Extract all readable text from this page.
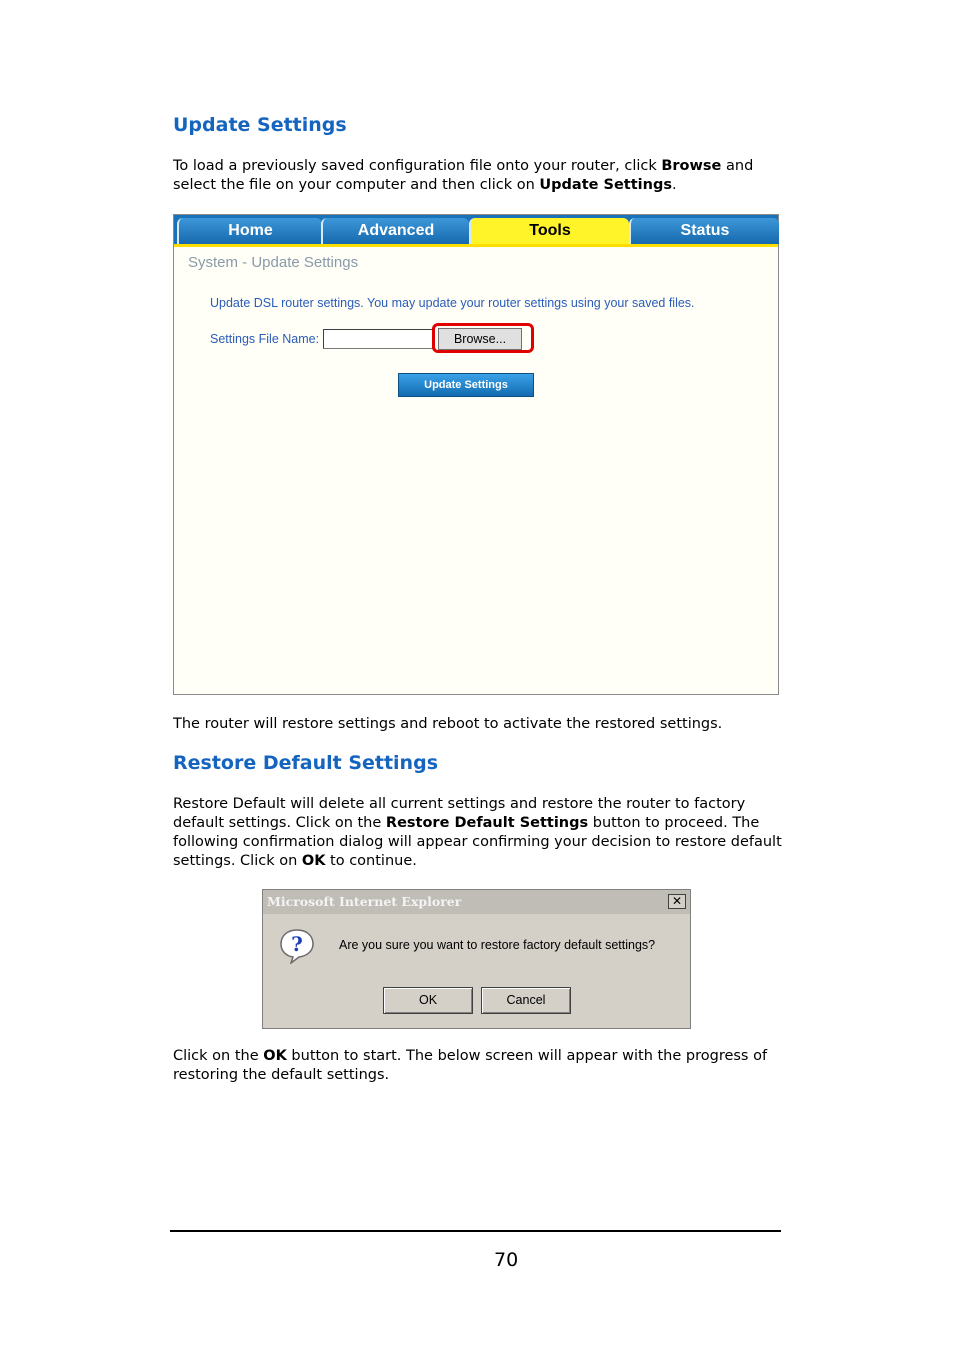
Update Settings
To load a previously saved configuration file onto your router, click Browse and select the file on your computer and then click on Update Settings.
Home	Advanced	Tools	Status
System - Update Settings
Update DSL router settings. You may update your router settings using your saved files.
Settings File Name:	Browse...
Update Settings
The router will restore settings and reboot to activate the restored settings.
Restore Default Settings
Restore Default will delete all current settings and restore the router to factory default settings. Click on the Restore Default Settings button to proceed. The following confirmation dialog will appear confirming your decision to restore default settings. Click on OK to continue.
Microsoft Internet Explorer	✕
?	Are you sure you want to restore factory default settings?
OK	Cancel
Click on the OK button to start. The below screen will appear with the progress of restoring the default settings.
70
